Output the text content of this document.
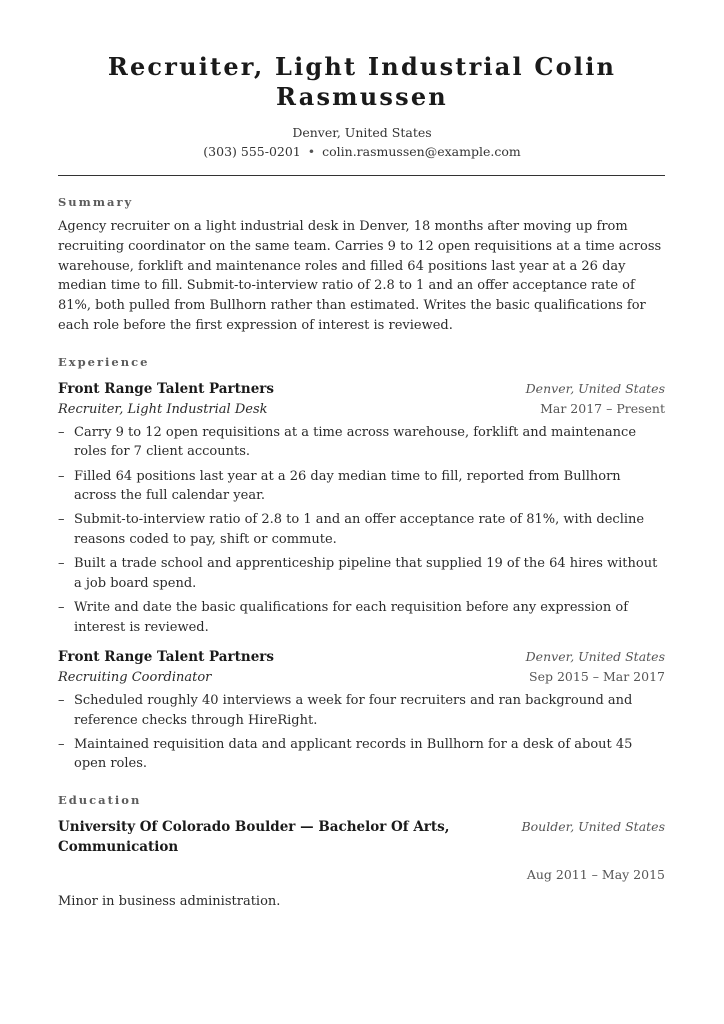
Recruiter, Light Industrial Colin Rasmussen
Denver, United States
(303) 555-0201 • colin.rasmussen@example.com
Summary
Agency recruiter on a light industrial desk in Denver, 18 months after moving up from recruiting coordinator on the same team. Carries 9 to 12 open requisitions at a time across warehouse, forklift and maintenance roles and filled 64 positions last year at a 26 day median time to fill. Submit-to-interview ratio of 2.8 to 1 and an offer acceptance rate of 81%, both pulled from Bullhorn rather than estimated. Writes the basic qualifications for each role before the first expression of interest is reviewed.
Experience
Front Range Talent Partners	Denver, United States
Recruiter, Light Industrial Desk	Mar 2017 – Present
– Carry 9 to 12 open requisitions at a time across warehouse, forklift and maintenance roles for 7 client accounts.
– Filled 64 positions last year at a 26 day median time to fill, reported from Bullhorn across the full calendar year.
– Submit-to-interview ratio of 2.8 to 1 and an offer acceptance rate of 81%, with decline reasons coded to pay, shift or commute.
– Built a trade school and apprenticeship pipeline that supplied 19 of the 64 hires without a job board spend.
– Write and date the basic qualifications for each requisition before any expression of interest is reviewed.
Front Range Talent Partners	Denver, United States
Recruiting Coordinator	Sep 2015 – Mar 2017
– Scheduled roughly 40 interviews a week for four recruiters and ran background and reference checks through HireRight.
– Maintained requisition data and applicant records in Bullhorn for a desk of about 45 open roles.
Education
University Of Colorado Boulder — Bachelor Of Arts, Communication
Boulder, United States
Aug 2011 – May 2015
Minor in business administration.
